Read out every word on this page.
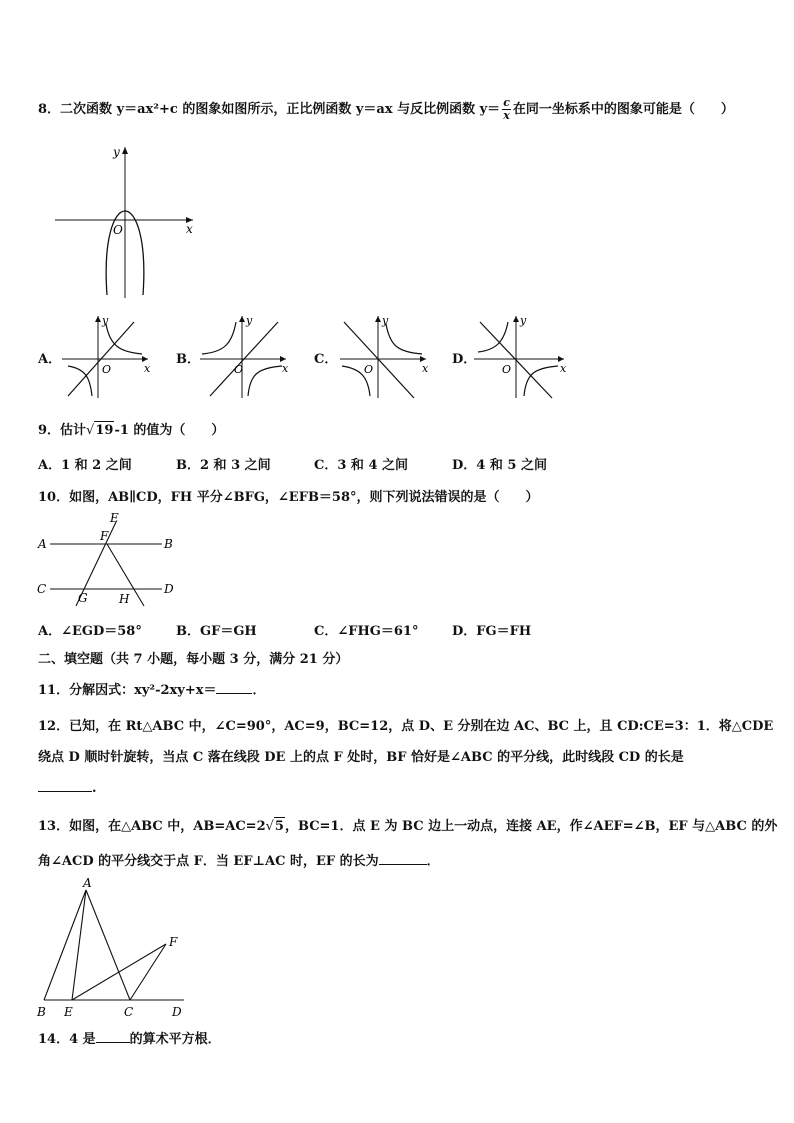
8．二次函数 y＝ax²+c 的图象如图所示，正比例函数 y＝ax 与反比例函数 $y= \frac{c}{x}$ 在同一坐标系中的图象可能是（　　）
y
x
O
A．
y
x
O
B．
y
x
O
C．
y
x
O
D．
y
x
O
9．估计√19-1 的值为（　　）
A．1 和 2 之间	B．2 和 3 之间	C．3 和 4 之间	D．4 和 5 之间
10．如图，AB∥CD，FH 平分∠BFG，∠EFB＝58°，则下列说法错误的是（　　）
E
F
A	B
C	D
G	H
A．∠EGD＝58°	B．GF＝GH	C．∠FHG＝61°	D．FG＝FH
二、填空题（共 7 小题，每小题 3 分，满分 21 分）
11．分解因式：xy²-2xy+x＝	．
12．已知，在 Rt△ABC 中，∠C=90°，AC=9，BC=12，点 D、E 分别在边 AC、BC 上，且 CD:CE=3：1．将△CDE
绕点 D 顺时针旋转，当点 C 落在线段 DE 上的点 F 处时，BF 恰好是∠ABC 的平分线，此时线段 CD 的长是
.
13．如图，在△ABC 中，AB=AC=2√5，BC=1．点 E 为 BC 边上一动点，连接 AE，作∠AEF=∠B，EF 与△ABC 的外
角∠ACD 的平分线交于点 F．当 EF⊥AC 时，EF 的长为	．
A
F
B E	C	D
14．4 是	的算术平方根．
